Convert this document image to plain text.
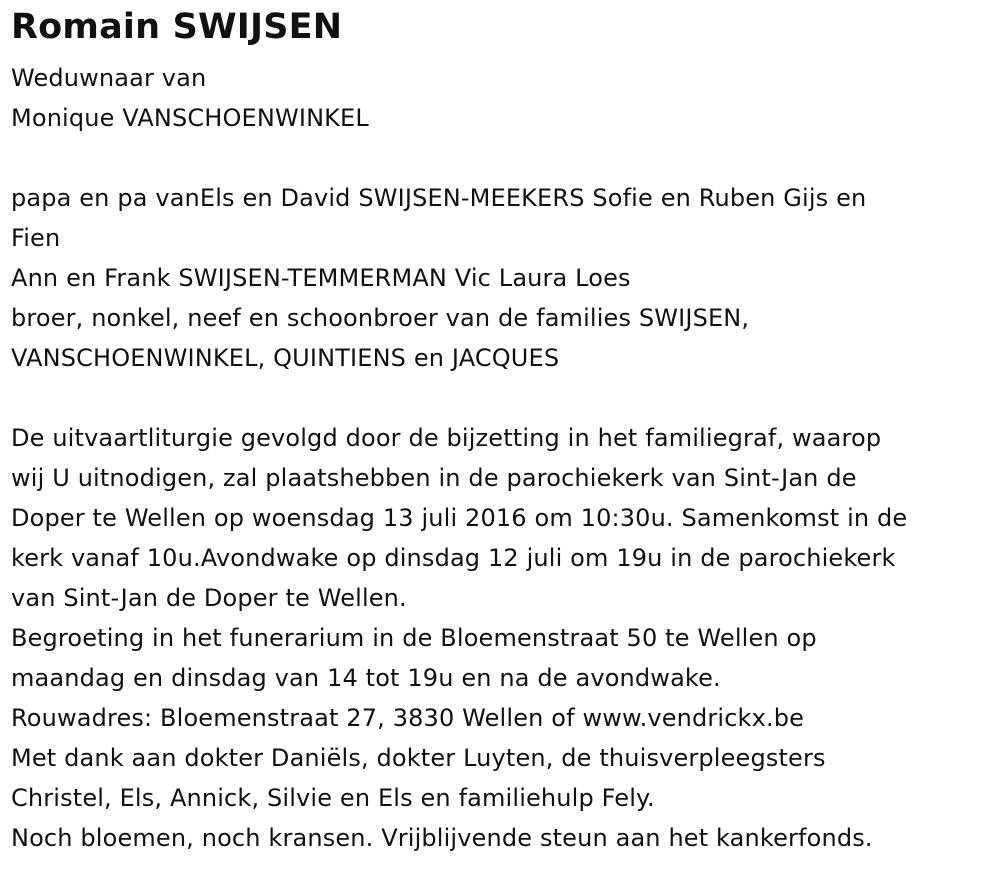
Romain SWIJSEN
Weduwnaar van
Monique VANSCHOENWINKEL
papa en pa vanEls en David SWIJSEN-MEEKERS Sofie en Ruben Gijs en
Fien
Ann en Frank SWIJSEN-TEMMERMAN Vic Laura Loes
broer, nonkel, neef en schoonbroer van de families SWIJSEN,
VANSCHOENWINKEL, QUINTIENS en JACQUES
De uitvaartliturgie gevolgd door de bijzetting in het familiegraf, waarop
wij U uitnodigen, zal plaatshebben in de parochiekerk van Sint-Jan de
Doper te Wellen op woensdag 13 juli 2016 om 10:30u. Samenkomst in de
kerk vanaf 10u.Avondwake op dinsdag 12 juli om 19u in de parochiekerk
van Sint-Jan de Doper te Wellen.
Begroeting in het funerarium in de Bloemenstraat 50 te Wellen op
maandag en dinsdag van 14 tot 19u en na de avondwake.
Rouwadres: Bloemenstraat 27, 3830 Wellen of www.vendrickx.be
Met dank aan dokter Daniëls, dokter Luyten, de thuisverpleegsters
Christel, Els, Annick, Silvie en Els en familiehulp Fely.
Noch bloemen, noch kransen. Vrijblijvende steun aan het kankerfonds.
